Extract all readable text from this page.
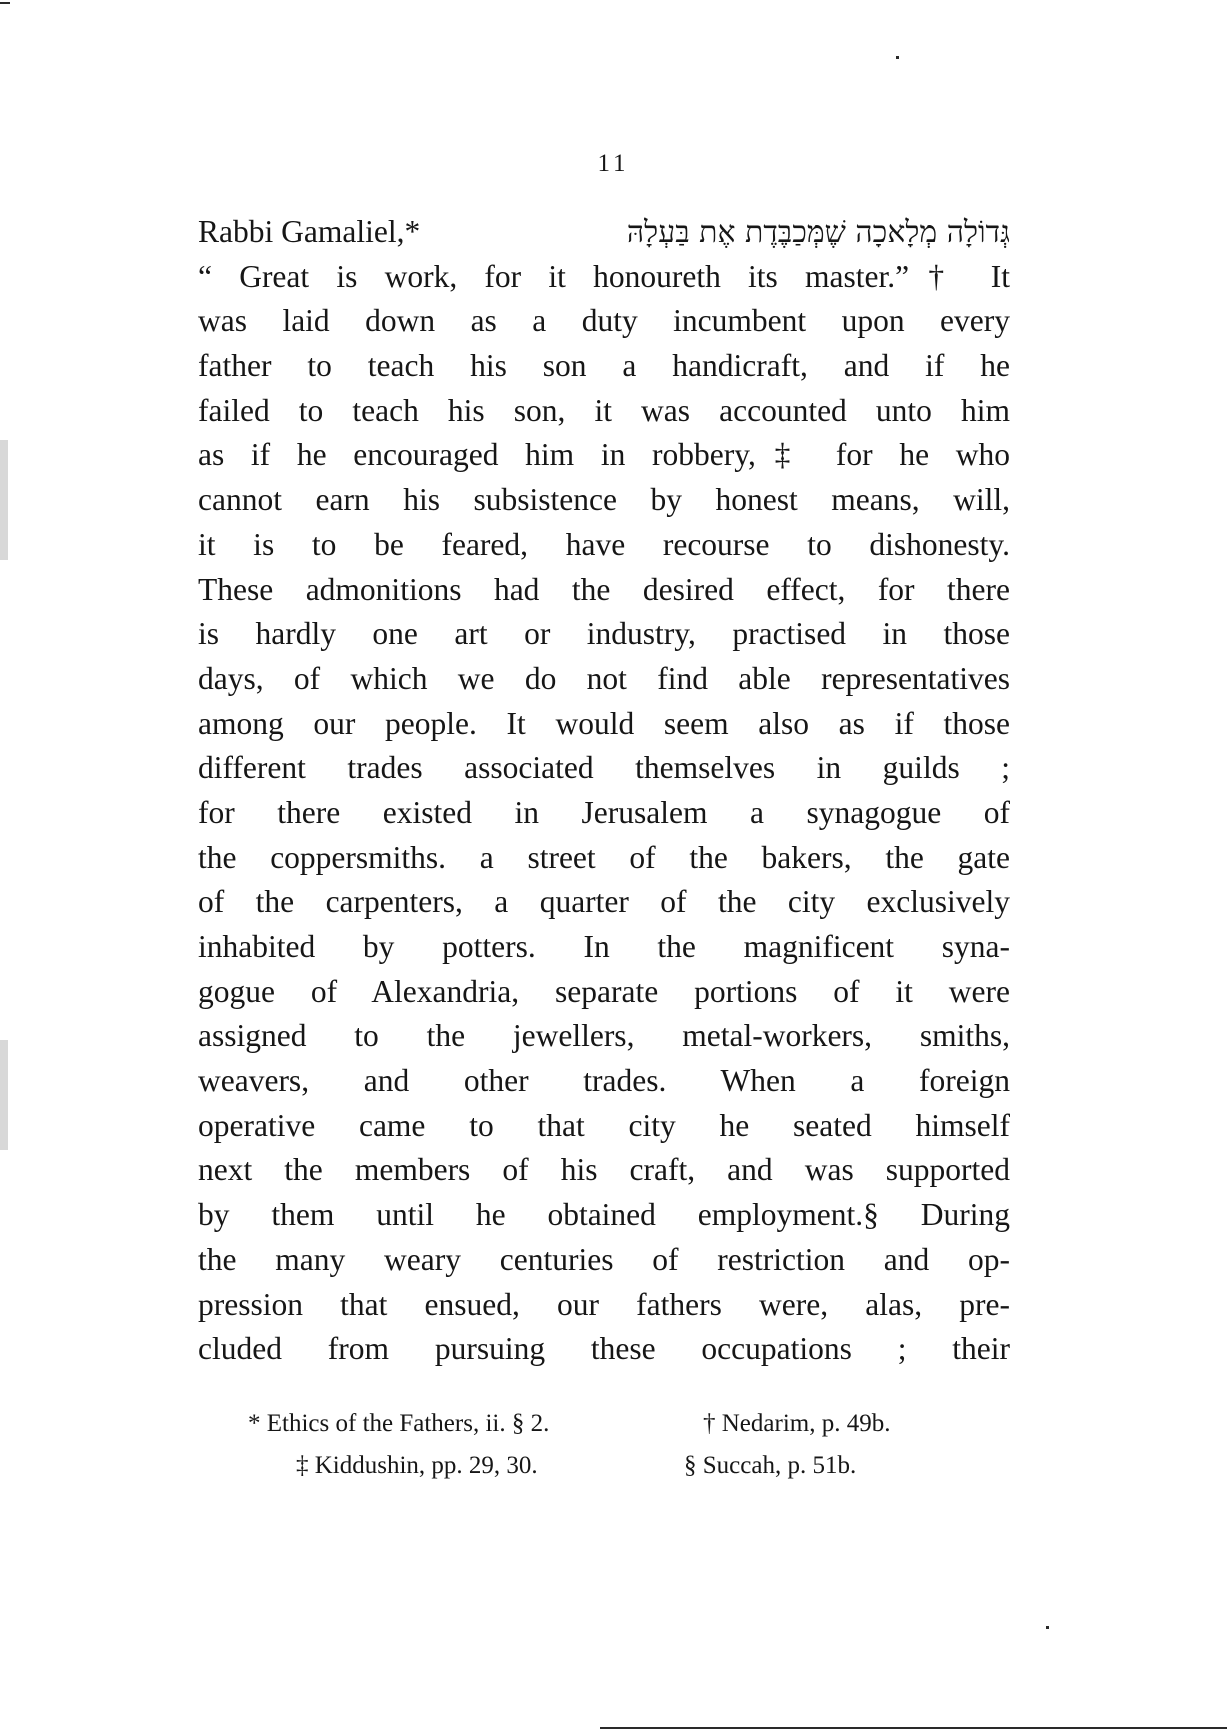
11
Rabbi Gamaliel,*	גְּדוֹלָה מְלָאכָה שֶׁמְּכַבֶּדֶת אֶת בַּעְלָהּ
“ Great is work, for it honoureth its master.”† It
was laid down as a duty incumbent upon every
father to teach his son a handicraft, and if he
failed to teach his son, it was accounted unto him
as if he encouraged him in robbery,‡ for he who
cannot earn his subsistence by honest means, will,
it is to be feared, have recourse to dishonesty.
These admonitions had the desired effect, for there
is hardly one art or industry, practised in those
days, of which we do not find able representatives
among our people. It would seem also as if those
different trades associated themselves in guilds ;
for there existed in Jerusalem a synagogue of
the coppersmiths. a street of the bakers, the gate
of the carpenters, a quarter of the city exclusively
inhabited by potters. In the magnificent syna-
gogue of Alexandria, separate portions of it were
assigned to the jewellers, metal-workers, smiths,
weavers, and other trades. When a foreign
operative came to that city he seated himself
next the members of his craft, and was supported
by them until he obtained employment.§ During
the many weary centuries of restriction and op-
pression that ensued, our fathers were, alas, pre-
cluded from pursuing these occupations ; their
* Ethics of the Fathers, ii. § 2.	† Nedarim, p. 49b.
‡ Kiddushin, pp. 29, 30.	§ Succah, p. 51b.
